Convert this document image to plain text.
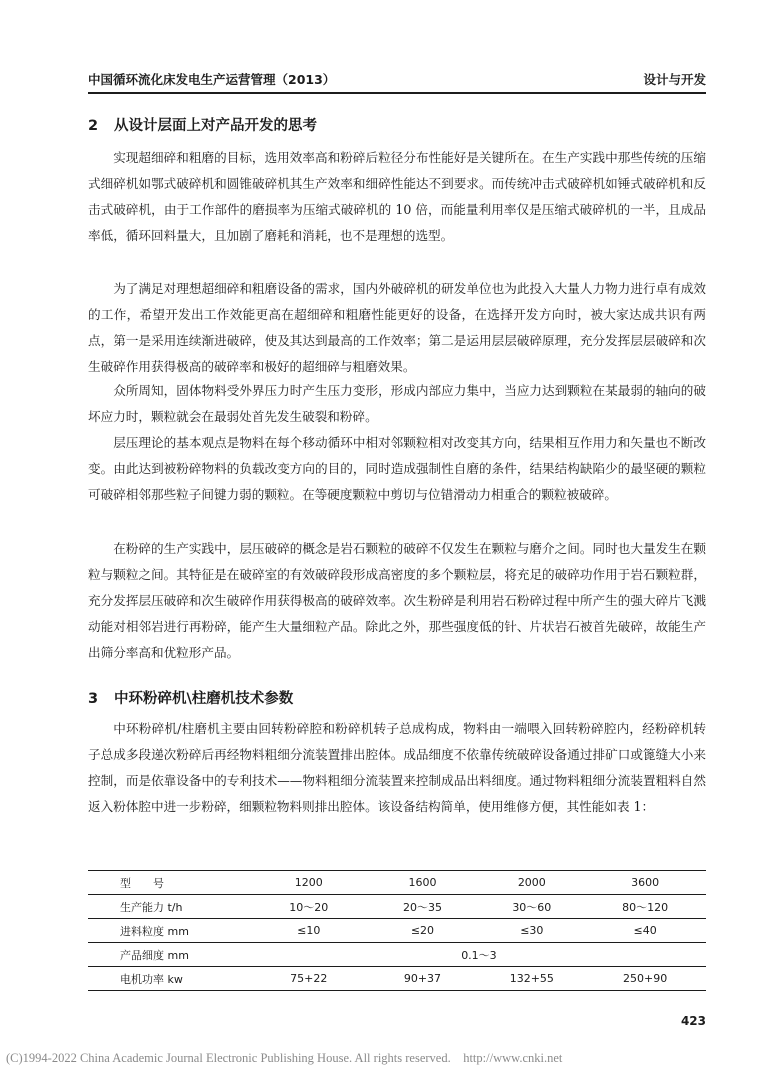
中国循环流化床发电生产运营管理（2013）	设计与开发
2 从设计层面上对产品开发的思考

实现超细碎和粗磨的目标，选用效率高和粉碎后粒径分布性能好是关键所在。在生产实践中那些传统的压缩式细碎机如鄂式破碎机和圆锥破碎机其生产效率和细碎性能达不到要求。而传统冲击式破碎机如锤式破碎机和反击式破碎机，由于工作部件的磨损率为压缩式破碎机的 10 倍，而能量利用率仅是压缩式破碎机的一半，且成品率低，循环回料量大，且加剧了磨耗和消耗，也不是理想的选型。

为了满足对理想超细碎和粗磨设备的需求，国内外破碎机的研发单位也为此投入大量人力物力进行卓有成效的工作，希望开发出工作效能更高在超细碎和粗磨性能更好的设备，在选择开发方向时，被大家达成共识有两点，第一是采用连续渐进破碎，使及其达到最高的工作效率；第二是运用层层破碎原理，充分发挥层层破碎和次生破碎作用获得极高的破碎率和极好的超细碎与粗磨效果。

众所周知，固体物料受外界压力时产生压力变形，形成内部应力集中，当应力达到颗粒在某最弱的轴向的破坏应力时，颗粒就会在最弱处首先发生破裂和粉碎。

层压理论的基本观点是物料在每个移动循环中相对邻颗粒相对改变其方向，结果相互作用力和矢量也不断改变。由此达到被粉碎物料的负载改变方向的目的，同时造成强制性自磨的条件，结果结构缺陷少的最坚硬的颗粒可破碎相邻那些粒子间键力弱的颗粒。在等硬度颗粒中剪切与位错滑动力相重合的颗粒被破碎。

在粉碎的生产实践中，层压破碎的概念是岩石颗粒的破碎不仅发生在颗粒与磨介之间。同时也大量发生在颗粒与颗粒之间。其特征是在破碎室的有效破碎段形成高密度的多个颗粒层，将充足的破碎功作用于岩石颗粒群，充分发挥层压破碎和次生破碎作用获得极高的破碎效率。次生粉碎是利用岩石粉碎过程中所产生的强大碎片飞溅动能对相邻岩进行再粉碎，能产生大量细粒产品。除此之外，那些强度低的针、片状岩石被首先破碎，故能生产出筛分率高和优粒形产品。

3 中环粉碎机\柱磨机技术参数

中环粉碎机/柱磨机主要由回转粉碎腔和粉碎机转子总成构成，物料由一端喂入回转粉碎腔内，经粉碎机转子总成多段递次粉碎后再经物料粗细分流装置排出腔体。成品细度不依靠传统破碎设备通过排矿口或篦缝大小来控制，而是依靠设备中的专利技术——物料粗细分流装置来控制成品出料细度。通过物料粗细分流装置粗料自然返入粉体腔中进一步粉碎，细颗粒物料则排出腔体。该设备结构简单，使用维修方便，其性能如表 1：

型　　号	1200	1600	2000	3600
生产能力 t/h	10～20	20～35	30～60	80～120
进料粒度 mm	≤10	≤20	≤30	≤40
产品细度 mm	0.1～3			
电机功率 kw	75+22	90+37	132+55	250+90
423
(C)1994-2022 China Academic Journal Electronic Publishing House. All rights reserved.　http://www.cnki.net
